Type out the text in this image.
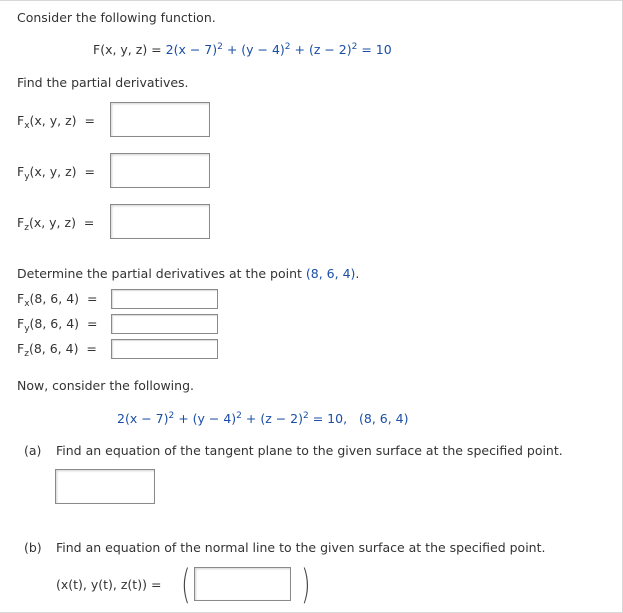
Consider the following function.
F(x, y, $z) = 2(x - 7)^2 + (y - 4)^2 + (z - 2)^2 = 10$
Find the partial derivatives.
$F_x(x$, y, z) =
$F_y(x$, y, z) =
$F_z(x$, y, z) =
Determine the partial derivatives at the point (8, 6, 4).
$F_x(8$, 6, 4) =
$F_y(8$, 6, 4) =
$F_z(8$, 6, 4) =
Now, consider the following.
$2(x - 7)^2 + (y - 4)^2 + (z - 2)^2 = 10$, (8, 6, 4)
(a) Find an equation of the tangent plane to the given surface at the specified point.
(b) Find an equation of the normal line to the given surface at the specified point.
(x(t), y(t), z(t)) = (	)
